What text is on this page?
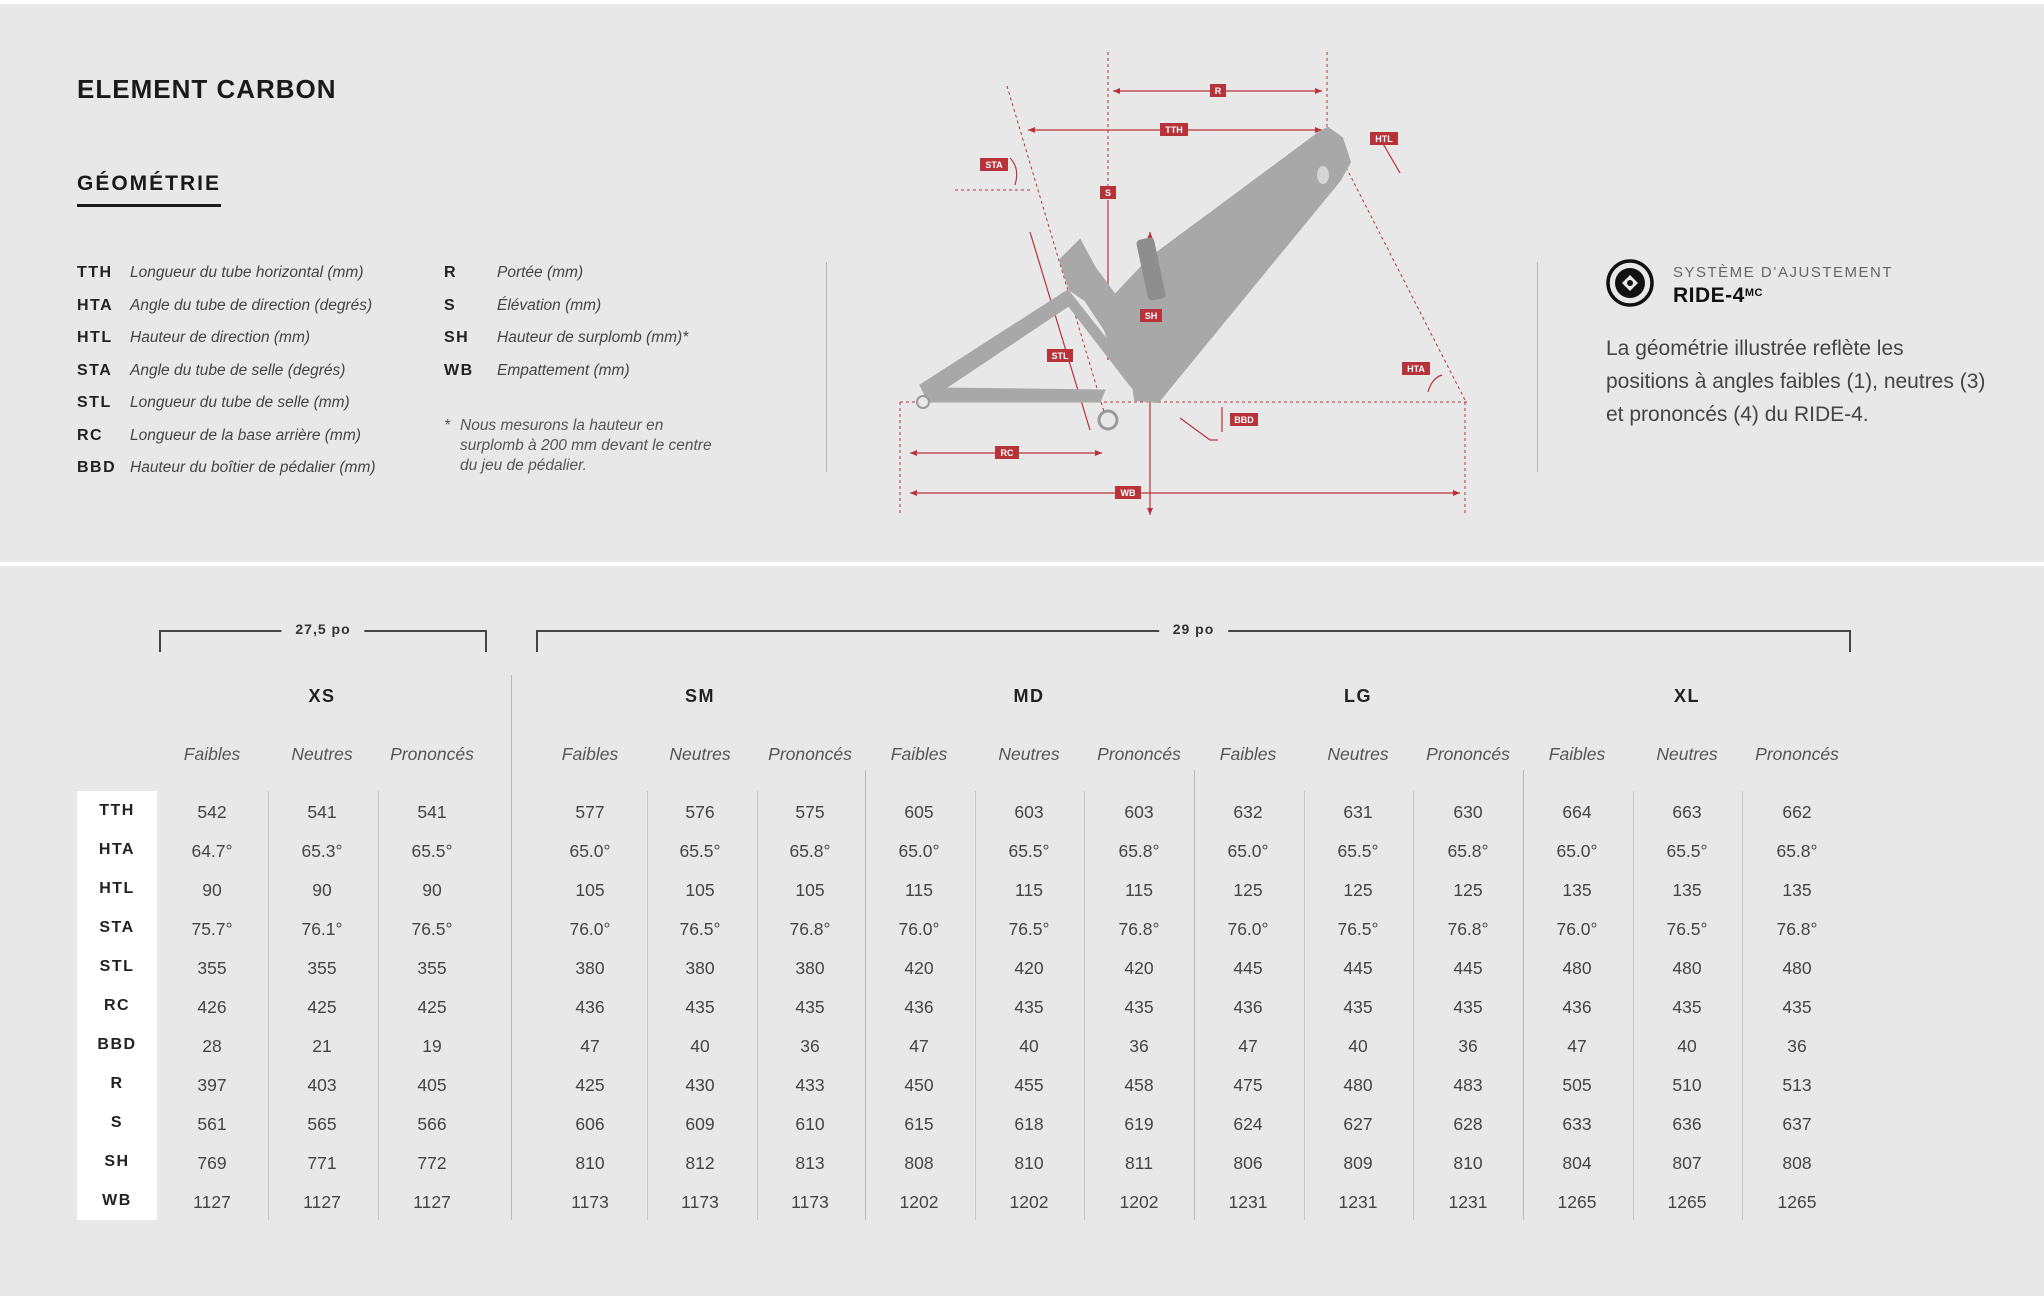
ELEMENT CARBON
GÉOMÉTRIE
TTH	Longueur du tube horizontal (mm)
HTA	Angle du tube de direction (degrés)
HTL	Hauteur de direction (mm)
STA	Angle du tube de selle (degrés)
STL	Longueur du tube de selle (mm)
RC	Longueur de la base arrière (mm)
BBD Hauteur du boîtier de pédalier (mm)
R	Portée (mm)
S	Élévation (mm)
SH	Hauteur de surplomb (mm)*
WB	Empattement (mm)
* Nous mesurons la hauteur en surplomb à 200 mm devant le centre du jeu de pédalier.
R
TTH
HTL
STA
S
SH
STL
HTA
BBD
RC
WB
SYSTÈME D’AJUSTEMENT
RIDE-$4^{MC}$
La géométrie illustrée reflète les positions à angles faibles (1), neutres (3) et prononcés (4) du RIDE-4.
27,5 po	29 po
XS	SM	MD	LG	XL
Faibles	Neutres Prononcés	Faibles	Neutres Prononcés Faibles	Neutres Prononcés Faibles	Neutres Prononcés Faibles	Neutres Prononcés
TTH	542	541	541	577	576	575	605	603	603	632	631	630	664	663	662
HTA	64.7°	65.3°	65.5°	65.0°	65.5°	65.8°	65.0°	65.5°	65.8°	65.0°	65.5°	65.8°	65.0°	65.5°	65.8°
HTL	90	90	90	105	105	105	115	115	115	125	125	125	135	135	135
STA	75.7°	76.1°	76.5°	76.0°	76.5°	76.8°	76.0°	76.5°	76.8°	76.0°	76.5°	76.8°	76.0°	76.5°	76.8°
STL	355	355	355	380	380	380	420	420	420	445	445	445	480	480	480
RC	426	425	425	436	435	435	436	435	435	436	435	435	436	435	435
BBD	28	21	19	47	40	36	47	40	36	47	40	36	47	40	36
R	397	403	405	425	430	433	450	455	458	475	480	483	505	510	513
S	561	565	566	606	609	610	615	618	619	624	627	628	633	636	637
SH	769	771	772	810	812	813	808	810	811	806	809	810	804	807	808
WB	1127	1127	1127	1173	1173	1173	1202	1202	1202	1231	1231	1231	1265	1265	1265
